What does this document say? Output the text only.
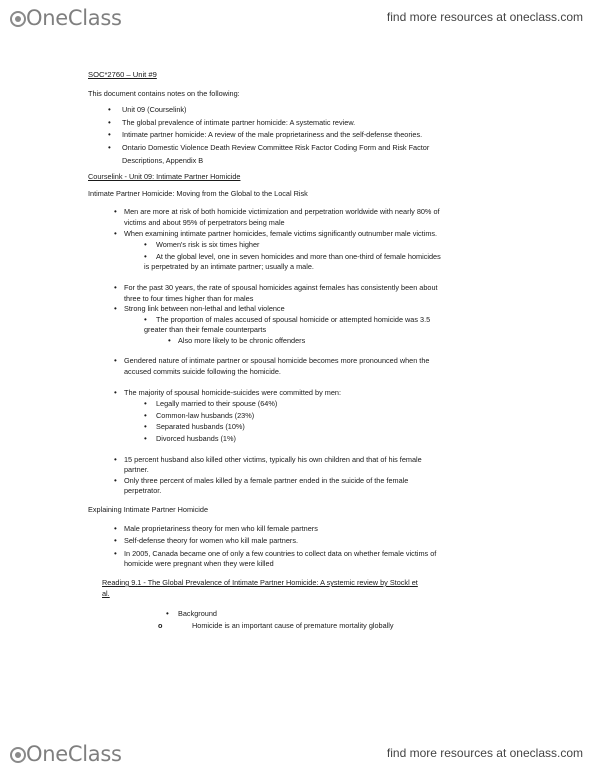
OneClass	find more resources at oneclass.com

SOC*2760 – Unit #9

This document contains notes on the following:

• Unit 09 (Courselink)
• The global prevalence of intimate partner homicide: A systematic review.
• Intimate partner homicide: A review of the male proprietariness and the self-defense theories.
• Ontario Domestic Violence Death Review Committee Risk Factor Coding Form and Risk Factor

Descriptions, Appendix B

Courselink - Unit 09: Intimate Partner Homicide

Intimate Partner Homicide: Moving from the Global to the Local Risk

• Men are more at risk of both homicide victimization and perpetration worldwide with nearly 80% of
victims and about 95% of perpetrators being male
• When examining intimate partner homicides, female victims significantly outnumber male victims.
• Women's risk is six times higher
• At the global level, one in seven homicides and more than one-third of female homicides
is perpetrated by an intimate partner; usually a male.
• For the past 30 years, the rate of spousal homicides against females has consistently been about
three to four times higher than for males
• Strong link between non-lethal and lethal violence
• The proportion of males accused of spousal homicide or attempted homicide was 3.5
greater than their female counterparts
• Also more likely to be chronic offenders
• Gendered nature of intimate partner or spousal homicide becomes more pronounced when the
accused commits suicide following the homicide.
• The majority of spousal homicide-suicides were committed by men:
• Legally married to their spouse (64%)
• Common-law husbands (23%)
• Separated husbands (10%)
• Divorced husbands (1%)
• 15 percent husband also killed other victims, typically his own children and that of his female
partner.
• Only three percent of males killed by a female partner ended in the suicide of the female
perpetrator.

Explaining Intimate Partner Homicide

• Male proprietariness theory for men who kill female partners
• Self-defense theory for women who kill male partners.
• In 2005, Canada became one of only a few countries to collect data on whether female victims of
homicide were pregnant when they were killed

Reading 9.1 - The Global Prevalence of Intimate Partner Homicide: A systemic review by Stockl et

al.

• Background
o Homicide is an important cause of premature mortality globally
OneClass	find more resources at oneclass.com
